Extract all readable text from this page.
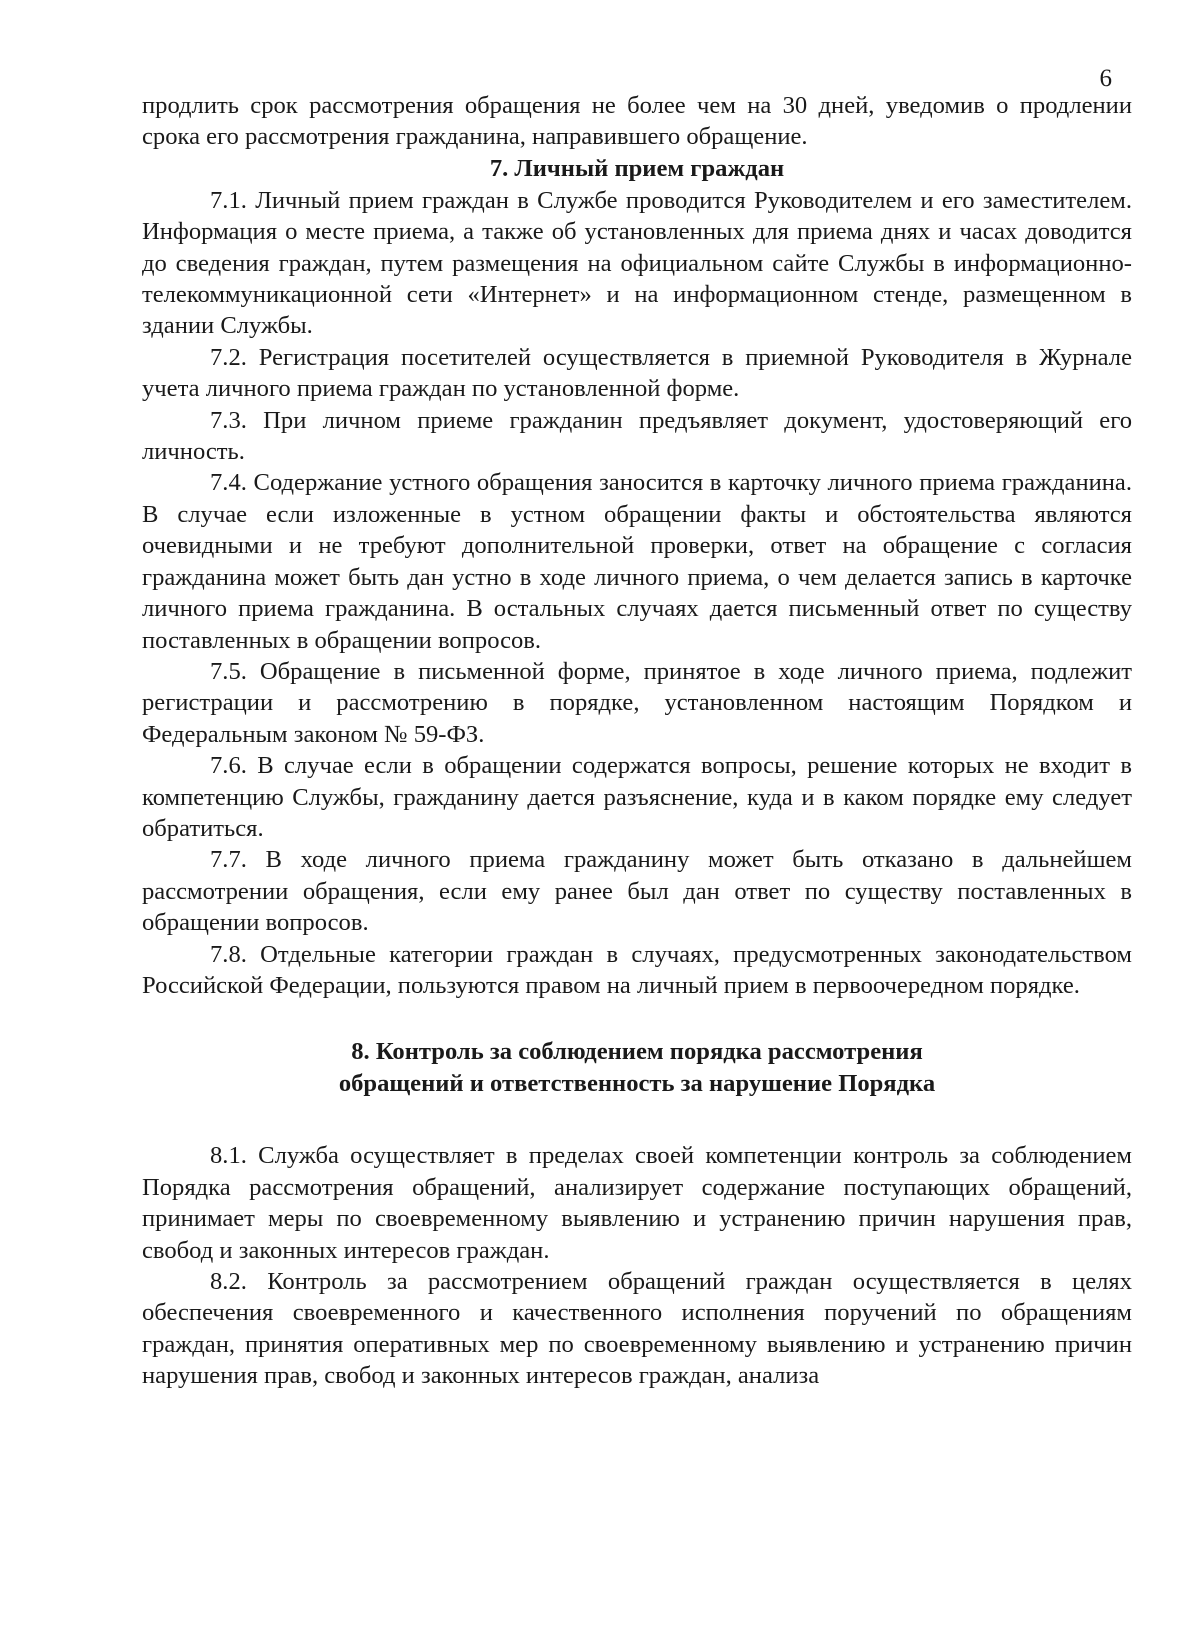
6

продлить срок рассмотрения обращения не более чем на 30 дней, уведомив о продлении срока его рассмотрения гражданина, направившего обращение.

7. Личный прием граждан

7.1. Личный прием граждан в Службе проводится Руководителем и его заместителем. Информация о месте приема, а также об установленных для приема днях и часах доводится до сведения граждан, путем размещения на официальном сайте Службы в информационно-телекоммуникационной сети «Интернет» и на информационном стенде, размещенном в здании Службы.

7.2. Регистрация посетителей осуществляется в приемной Руководителя в Журнале учета личного приема граждан по установленной форме.

7.3. При личном приеме гражданин предъявляет документ, удостоверяющий его личность.

7.4. Содержание устного обращения заносится в карточку личного приема гражданина. В случае если изложенные в устном обращении факты и обстоятельства являются очевидными и не требуют дополнительной проверки, ответ на обращение с согласия гражданина может быть дан устно в ходе личного приема, о чем делается запись в карточке личного приема гражданина. В остальных случаях дается письменный ответ по существу поставленных в обращении вопросов.

7.5. Обращение в письменной форме, принятое в ходе личного приема, подлежит регистрации и рассмотрению в порядке, установленном настоящим Порядком и Федеральным законом № 59-ФЗ.

7.6. В случае если в обращении содержатся вопросы, решение которых не входит в компетенцию Службы, гражданину дается разъяснение, куда и в каком порядке ему следует обратиться.

7.7. В ходе личного приема гражданину может быть отказано в дальнейшем рассмотрении обращения, если ему ранее был дан ответ по существу поставленных в обращении вопросов.

7.8. Отдельные категории граждан в случаях, предусмотренных законодательством Российской Федерации, пользуются правом на личный прием в первоочередном порядке.

8. Контроль за соблюдением порядка рассмотрения
обращений и ответственность за нарушение Порядка

8.1. Служба осуществляет в пределах своей компетенции контроль за соблюдением Порядка рассмотрения обращений, анализирует содержание поступающих обращений, принимает меры по своевременному выявлению и устранению причин нарушения прав, свобод и законных интересов граждан.

8.2. Контроль за рассмотрением обращений граждан осуществляется в целях обеспечения своевременного и качественного исполнения поручений по обращениям граждан, принятия оперативных мер по своевременному выявлению и устранению причин нарушения прав, свобод и законных интересов граждан, анализа
